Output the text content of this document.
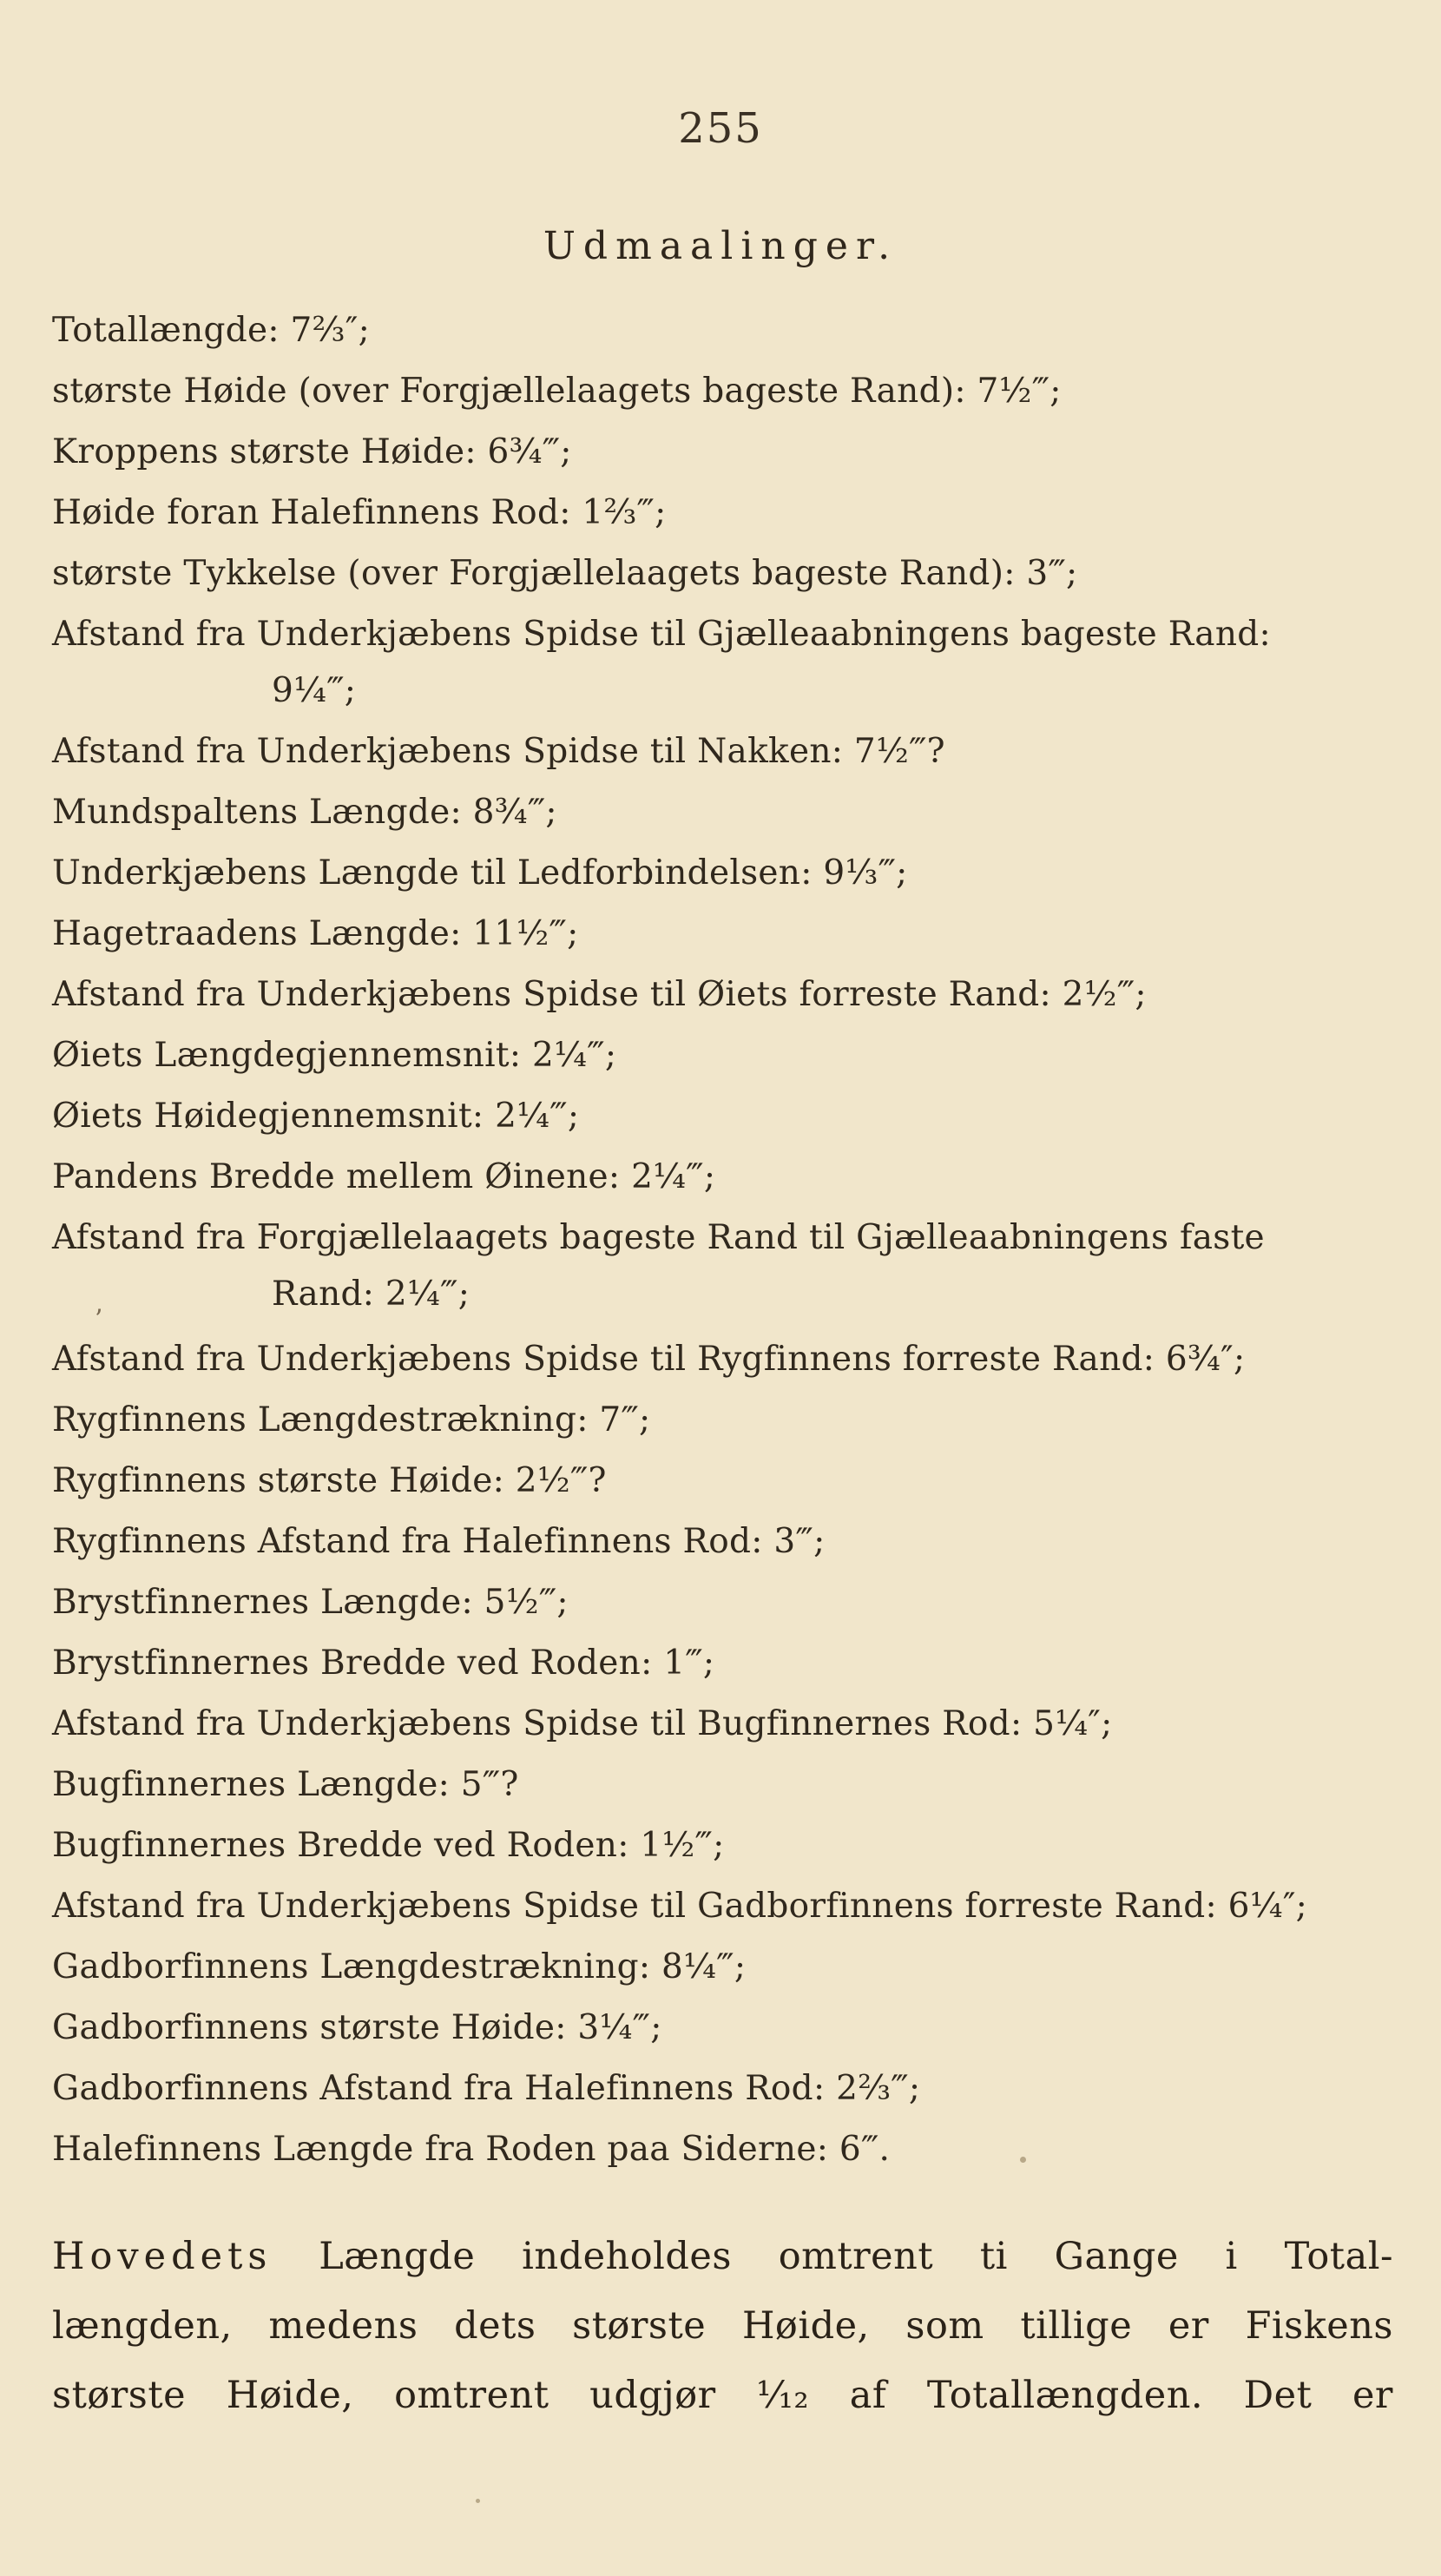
255
Udmaalinger.
Totallængde: 7⅔″;
største Høide (over Forgjællelaagets bageste Rand): 7½‴;
Kroppens største Høide: 6¾‴;
Høide foran Halefinnens Rod: 1⅔‴;
største Tykkelse (over Forgjællelaagets bageste Rand): 3‴;
Afstand fra Underkjæbens Spidse til Gjælleaabningens bageste Rand:
9¼‴;
Afstand fra Underkjæbens Spidse til Nakken: 7½‴?
Mundspaltens Længde: 8¾‴;
Underkjæbens Længde til Ledforbindelsen: 9⅓‴;
Hagetraadens Længde: 11½‴;
Afstand fra Underkjæbens Spidse til Øiets forreste Rand: 2½‴;
Øiets Længdegjennemsnit: 2¼‴;
Øiets Høidegjennemsnit: 2¼‴;
Pandens Bredde mellem Øinene: 2¼‴;
Afstand fra Forgjællelaagets bageste Rand til Gjælleaabningens faste
Rand: 2¼‴;
ʼ
Afstand fra Underkjæbens Spidse til Rygfinnens forreste Rand: 6¾″;
Rygfinnens Længdestrækning: 7‴;
Rygfinnens største Høide: 2½‴?
Rygfinnens Afstand fra Halefinnens Rod: 3‴;
Brystfinnernes Længde: 5½‴;
Brystfinnernes Bredde ved Roden: 1‴;
Afstand fra Underkjæbens Spidse til Bugfinnernes Rod: 5¼″;
Bugfinnernes Længde: 5‴?
Bugfinnernes Bredde ved Roden: 1½‴;
Afstand fra Underkjæbens Spidse til Gadborfinnens forreste Rand: 6¼″;
Gadborfinnens Længdestrækning: 8¼‴;
Gadborfinnens største Høide: 3¼‴;
Gadborfinnens Afstand fra Halefinnens Rod: 2⅔‴;
Halefinnens Længde fra Roden paa Siderne: 6‴.
Hovedets Længde indeholdes omtrent ti Gange i Total-
længden, medens dets største Høide, som tillige er Fiskens
største Høide, omtrent udgjør ¹⁄₁₂ af Totallængden. Det er
